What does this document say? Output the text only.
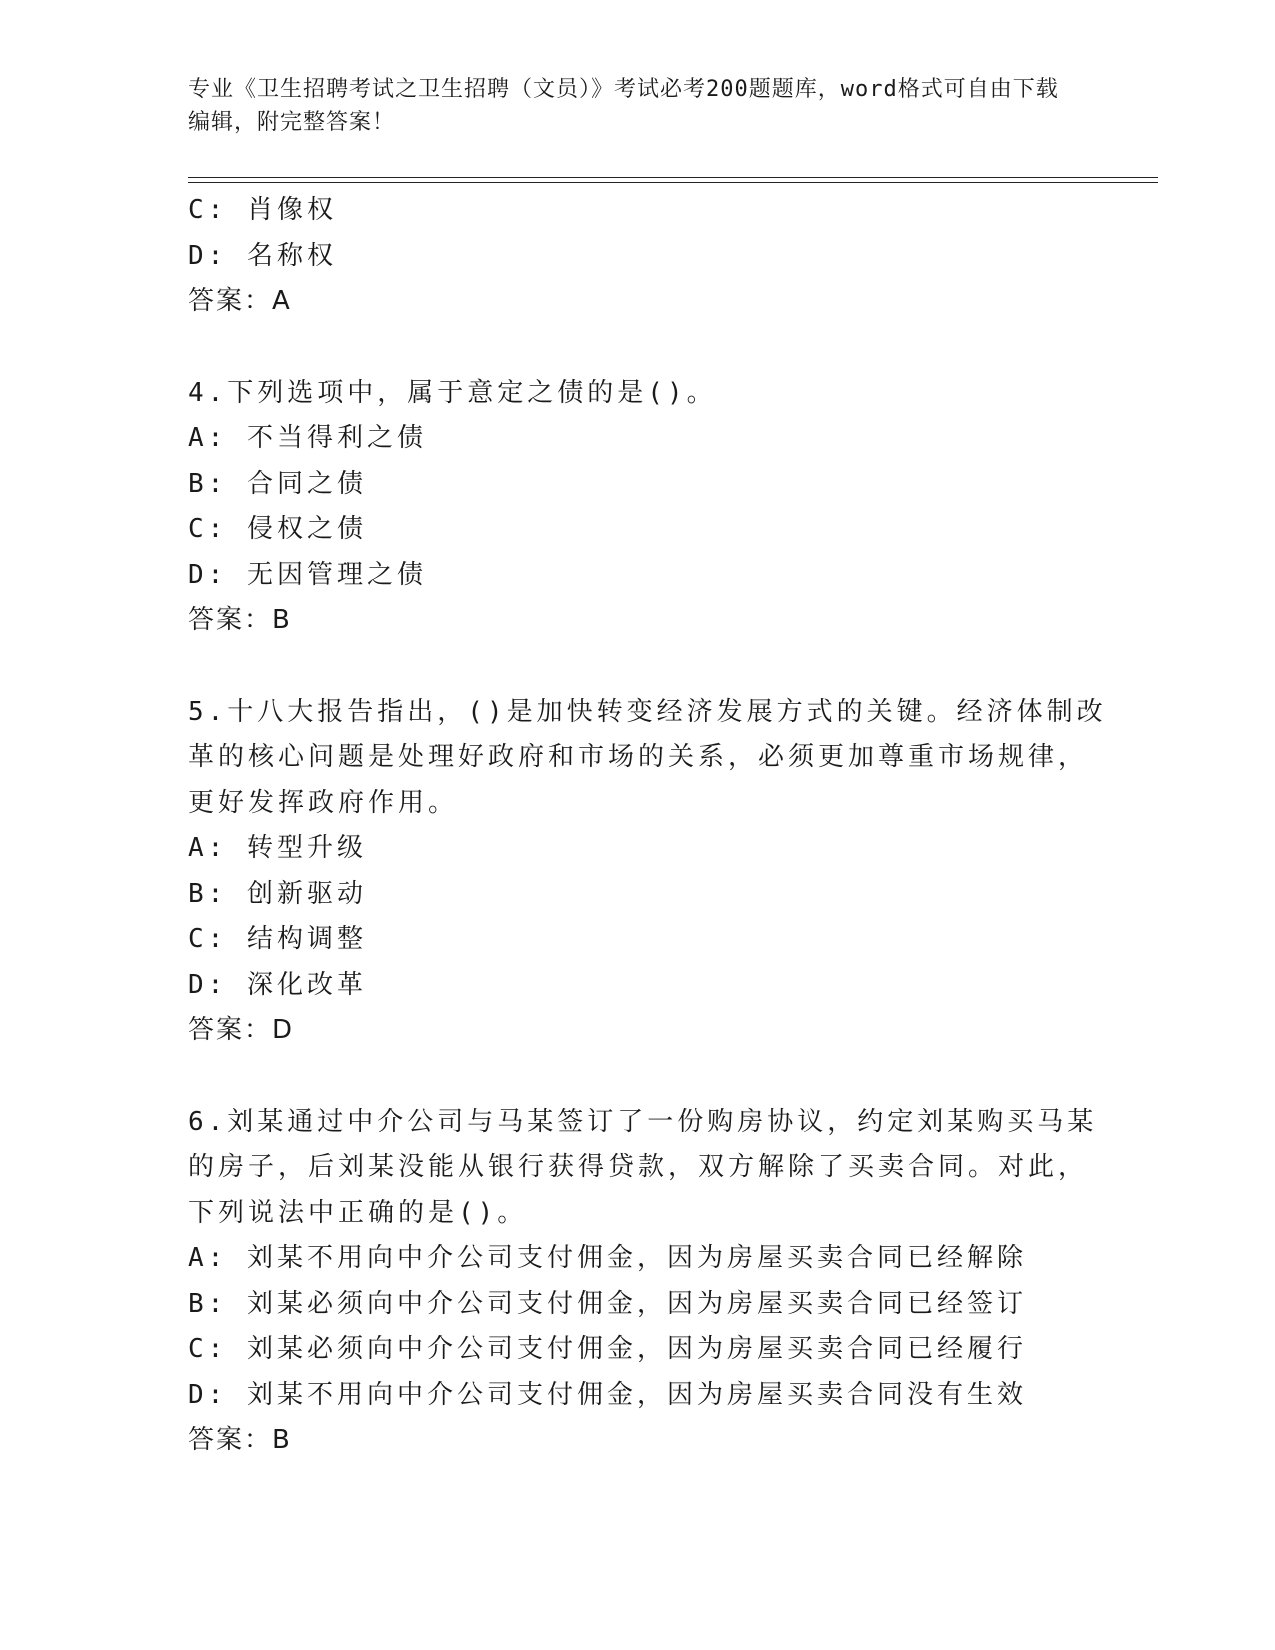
专业《卫生招聘考试之卫生招聘（文员）》考试必考200题题库，word格式可自由下载编辑，附完整答案！
C: 肖像权
D: 名称权
答案：A
4.下列选项中，属于意定之债的是()。
A: 不当得利之债
B: 合同之债
C: 侵权之债
D: 无因管理之债
答案：B
5.十八大报告指出，()是加快转变经济发展方式的关键。经济体制改
革的核心问题是处理好政府和市场的关系，必须更加尊重市场规律，
更好发挥政府作用。
A: 转型升级
B: 创新驱动
C: 结构调整
D: 深化改革
答案：D
6.刘某通过中介公司与马某签订了一份购房协议，约定刘某购买马某
的房子，后刘某没能从银行获得贷款，双方解除了买卖合同。对此，
下列说法中正确的是()。
A: 刘某不用向中介公司支付佣金，因为房屋买卖合同已经解除
B: 刘某必须向中介公司支付佣金，因为房屋买卖合同已经签订
C: 刘某必须向中介公司支付佣金，因为房屋买卖合同已经履行
D: 刘某不用向中介公司支付佣金，因为房屋买卖合同没有生效
答案：B
